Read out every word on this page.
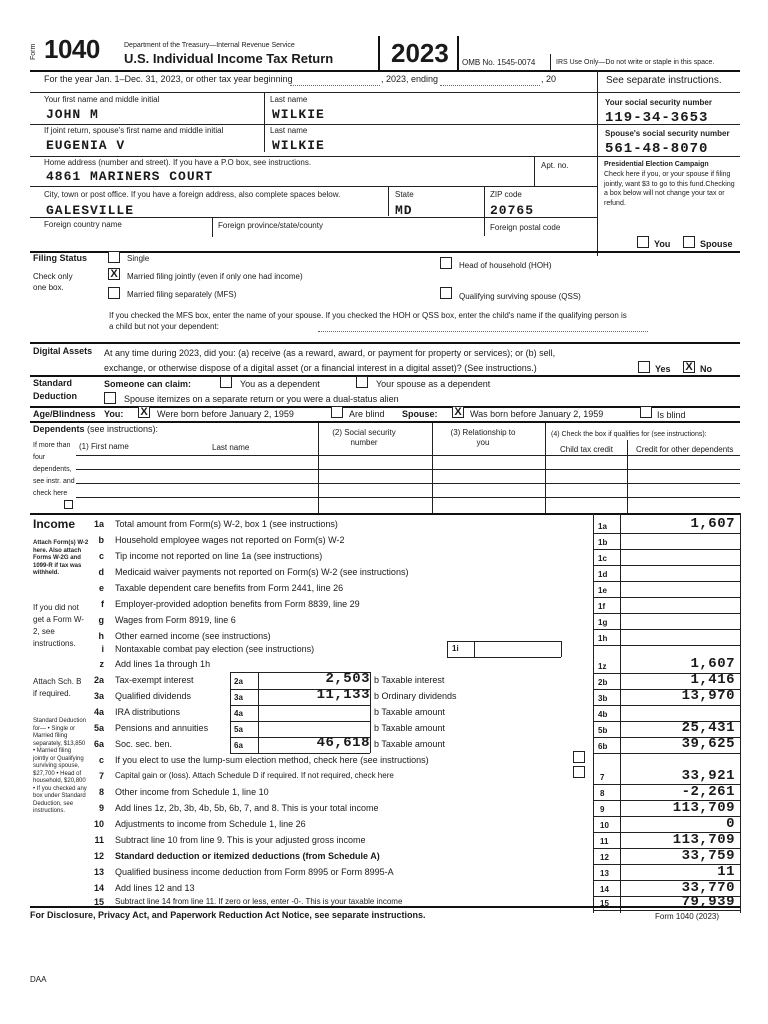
Form 1040	Department of the Treasury—Internal Revenue Service
U.S. Individual Income Tax Return 2023 OMB No. 1545-0074	IRS Use Only—Do not write or staple in this space.
For the year Jan. 1–Dec. 31, 2023, or other tax year beginning	, 2023, ending	, 20	See separate instructions.
Your first name and middle initial
JOHN M
Last name
WILKIE
Your social security number
119-34-3653
If joint return, spouse's first name and middle initial
EUGENIA V
Last name
WILKIE
Spouse's social security number
561-48-8070
Home address (number and street). If you have a P.O box, see instructions.
4861 MARINERS COURT
Apt. no.	Presidential Election Campaign
Check here if you, or your spouse if filing jointly, want $3 to go to this fund.Checking a box below will not change your tax or refund.
City, town or post office. If you have a foreign address, also complete spaces below.
GALESVILLE
State
MD
ZIP code
20765
Foreign country name	Foreign province/state/county	Foreign postal code
You	Spouse
Filing Status
Check only one box.
Single
X Married filing jointly (even if only one had income)
Married filing separately (MFS)
Head of household (HOH)
Qualifying surviving spouse (QSS)
If you checked the MFS box, enter the name of your spouse. If you checked the HOH or QSS box, enter the child's name if the qualifying person is a child but not your dependent:
Digital Assets At any time during 2023, did you: (a) receive (as a reward, award, or payment for property or services); or (b) sell,
exchange, or otherwise dispose of a digital asset (or a financial interest in a digital asset)? (See instructions.)	Yes X No
Standard Deduction
Someone can claim:	You as a dependent	Your spouse as a dependent
Spouse itemizes on a separate return or you were a dual-status alien
Age/Blindness You: X Were born before January 2, 1959	Are blind Spouse: X Was born before January 2, 1959	Is blind
Dependents (see instructions):
If more than four dependents, see instr. and check here
(1) First name	Last name
(2) Social security number
(3) Relationship to you
(4) Check the box if qualifies for (see instructions):
Child tax credit	Credit for other dependents
Income
Attach Form(s) W-2 here. Also attach Forms W-2G and 1099-R if tax was withheld.
If you did not get a Form W-2, see instructions.
Attach Sch. B if required.
Standard Deduction for— • Single or Married filing separately, $13,850 • Married filing jointly or Qualifying surviving spouse, $27,700 • Head of household, $20,800 • If you checked any box under Standard Deduction, see instructions.
1a Total amount from Form(s) W-2, box 1 (see instructions)	1a	1,607
b Household employee wages not reported on Form(s) W-2	1b
c Tip income not reported on line 1a (see instructions)	1c
d Medicaid waiver payments not reported on Form(s) W-2 (see instructions)	1d
e Taxable dependent care benefits from Form 2441, line 26	1e
f Employer-provided adoption benefits from Form 8839, line 29	1f
g Wages from Form 8919, line 6	1g
h Other earned income (see instructions)	1h
i Nontaxable combat pay election (see instructions)
z Add lines 1a through 1h	1z	1,607
1i
2a Tax-exempt interest	2a	2,503 b Taxable interest	2b	1,416
3a Qualified dividends	3a	11,133 b Ordinary dividends	3b	13,970
4a IRA distributions	4a	b Taxable amount	4b
5a Pensions and annuities	5a	b Taxable amount	5b	25,431
6a Soc. sec. ben.	6a	46,618 b Taxable amount	6b	39,625
c If you elect to use the lump-sum election method, check here (see instructions)
7 Capital gain or (loss). Attach Schedule D if required. If not required, check here	7	33,921
8 Other income from Schedule 1, line 10	8	-2,261
9 Add lines 1z, 2b, 3b, 4b, 5b, 6b, 7, and 8. This is your total income	9	113,709
10 Adjustments to income from Schedule 1, line 26	10	0
11 Subtract line 10 from line 9. This is your adjusted gross income	11	113,709
12 Standard deduction or itemized deductions (from Schedule A)	12	33,759
13 Qualified business income deduction from Form 8995 or Form 8995-A	13	11
14 Add lines 12 and 13	14	33,770
15 Subtract line 14 from line 11. If zero or less, enter -0-. This is your taxable income	15	79,939
For Disclosure, Privacy Act, and Paperwork Reduction Act Notice, see separate instructions.	Form 1040 (2023)
DAA
